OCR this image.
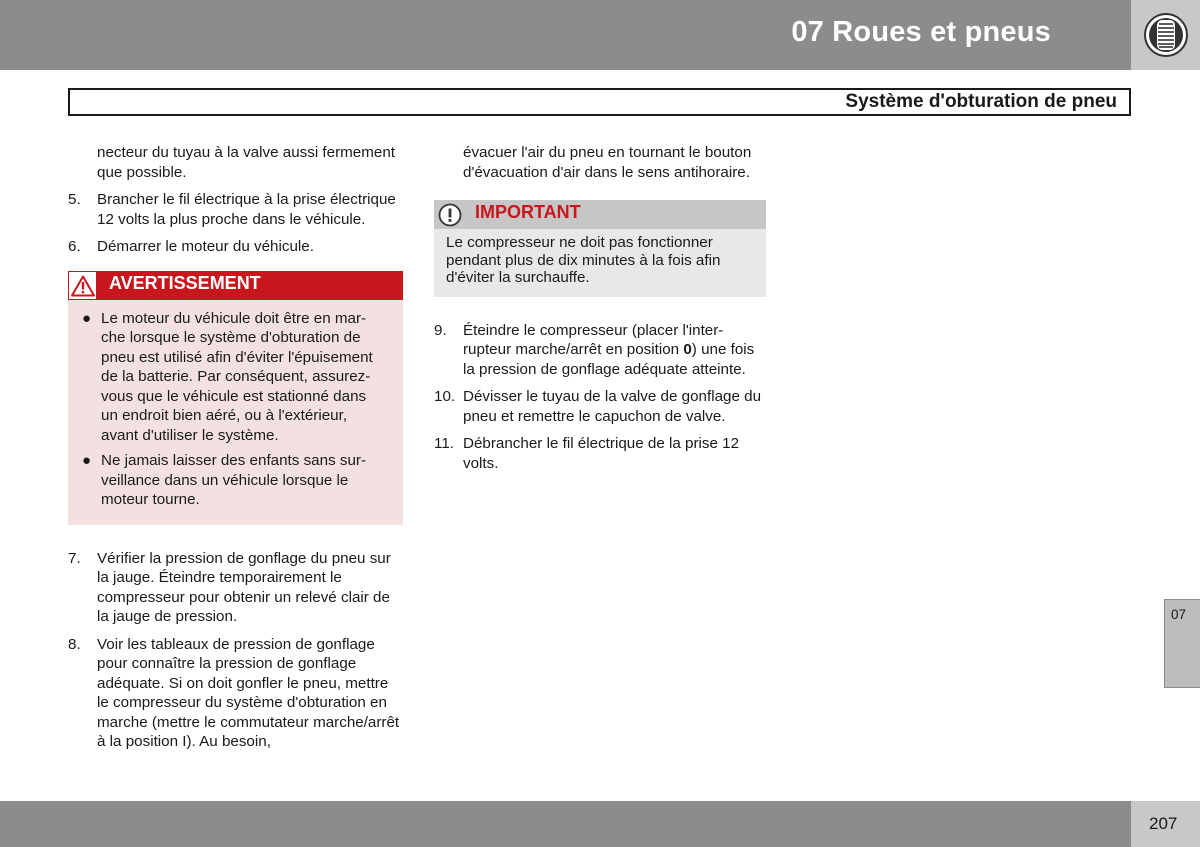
07 Roues et pneus
Système d'obturation de pneu

necteur du tuyau à la valve aussi fermement que possible.

5. Brancher le fil électrique à la prise électrique 12 volts la plus proche dans le véhicule.
6. Démarrer le moteur du véhicule.
AVERTISSEMENT
● Le moteur du véhicule doit être en marche lorsque le système d'obturation de pneu est utilisé afin d'éviter l'épuisement de la batterie. Par conséquent, assurez-vous que le véhicule est stationné dans un endroit bien aéré, ou à l'extérieur, avant d'utiliser le système.
● Ne jamais laisser des enfants sans surveillance dans un véhicule lorsque le moteur tourne.
7. Vérifier la pression de gonflage du pneu sur la jauge. Éteindre temporairement le compresseur pour obtenir un relevé clair de la jauge de pression.
8. Voir les tableaux de pression de gonflage pour connaître la pression de gonflage adéquate. Si on doit gonfler le pneu, mettre le compresseur du système d'obturation en marche (mettre le commutateur marche/arrêt à la position I). Au besoin,

évacuer l'air du pneu en tournant le bouton d'évacuation d'air dans le sens antihoraire.

IMPORTANT
Le compresseur ne doit pas fonctionner pendant plus de dix minutes à la fois afin d'éviter la surchauffe.
9. Éteindre le compresseur (placer l'interrupteur marche/arrêt en position 0) une fois la pression de gonflage adéquate atteinte.
10. Dévisser le tuyau de la valve de gonflage du pneu et remettre le capuchon de valve.
11. Débrancher le fil électrique de la prise 12 volts.
07
207
